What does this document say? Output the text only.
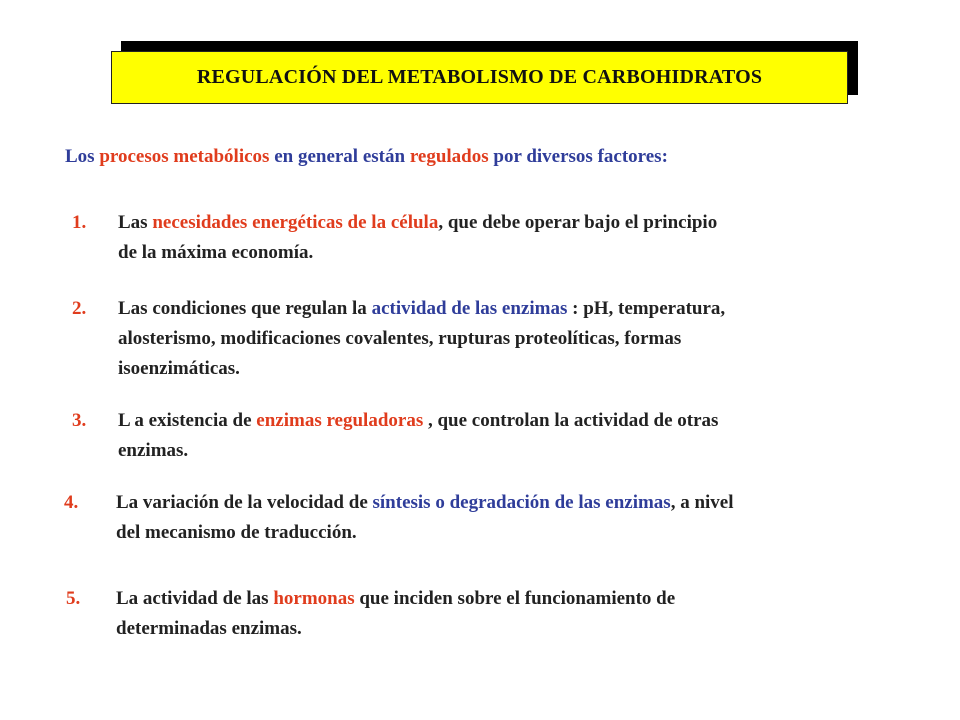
REGULACIÓN DEL METABOLISMO DE CARBOHIDRATOS
Los procesos metabólicos en general están regulados por diversos factores:
1. Las necesidades energéticas de la célula, que debe operar bajo el principio
de la máxima economía.
2. Las condiciones que regulan la actividad de las enzimas : pH, temperatura,
alosterismo, modificaciones covalentes, rupturas proteolíticas, formas
isoenzimáticas.
3. L a existencia de enzimas reguladoras , que controlan la actividad de otras
enzimas.
4. La variación de la velocidad de síntesis o degradación de las enzimas, a nivel
del mecanismo de traducción.
5. La actividad de las hormonas que inciden sobre el funcionamiento de
determinadas enzimas.
